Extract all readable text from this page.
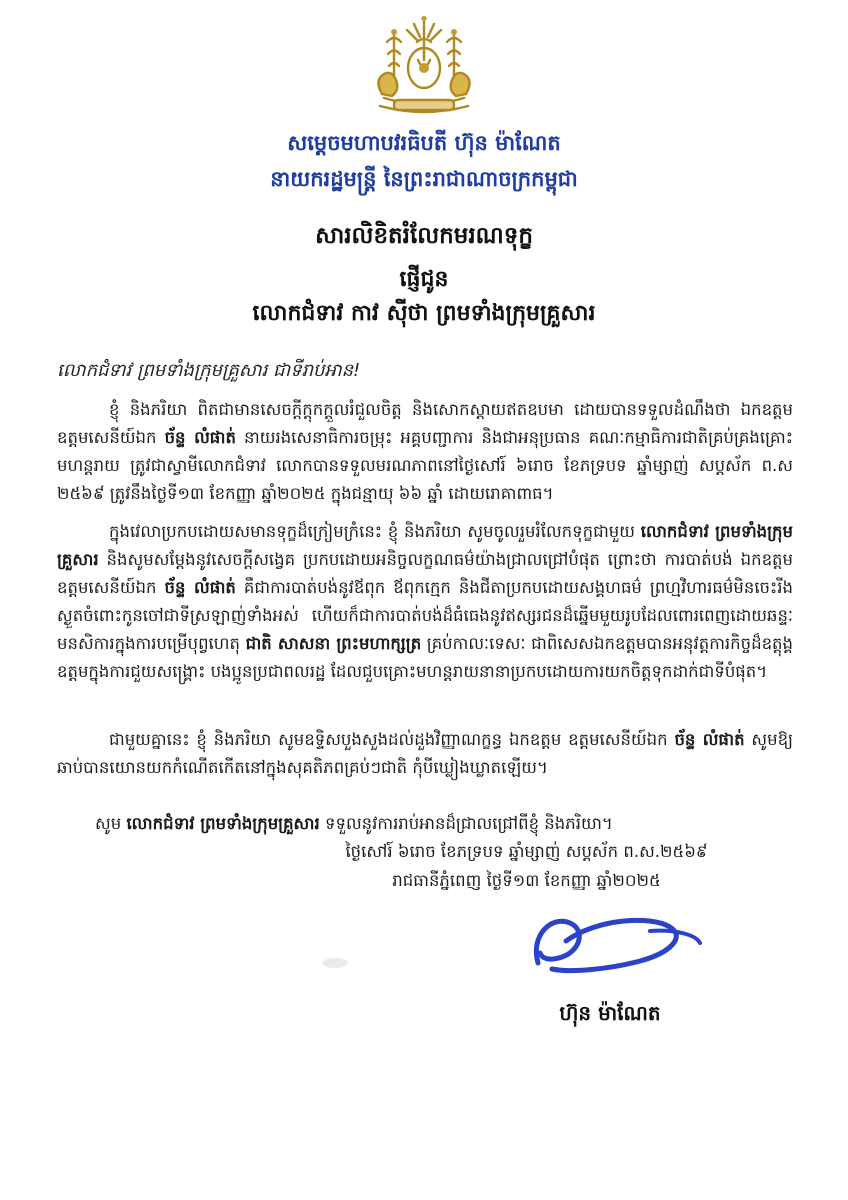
សម្តេចមហាបវរធិបតី ហ៊ុន ម៉ាណែត
នាយករដ្ឋមន្ត្រី នៃព្រះរាជាណាចក្រកម្ពុជា
សារលិខិតរំលែកមរណទុក្ខ
ផ្ញើជូន
លោកជំទាវ កាវ ស៊ីថា ព្រមទាំងក្រុមគ្រួសារ
លោកជំទាវ ព្រមទាំងក្រុមគ្រួសារ ជាទីរាប់អាន!
ខ្ញុំ និងភរិយា ពិតជាមានសេចក្តីក្តុកក្តួលរំជួលចិត្ត និងសោកស្តាយឥតឧបមា ដោយបានទទួលដំណឹងថា ឯកឧត្តម ឧត្តមសេនីយ៍ឯក ច័ន្ទ លំផាត់ នាយរងសេនាធិការចម្រុះ អគ្គបញ្ជាការ និងជាអនុប្រធាន គណៈកម្មាធិការជាតិគ្រប់គ្រងគ្រោះមហន្តរាយ ត្រូវជាស្វាមីលោកជំទាវ លោកបានទទួលមរណភាពនៅថ្ងៃសៅរ៍ ៦រោច ខែភទ្របទ ឆ្នាំម្សាញ់ សប្តស័ក ព.ស ២៥៦៩ ត្រូវនឹងថ្ងៃទី១៣ ខែកញ្ញា ឆ្នាំ២០២៥ ក្នុងជន្មាយុ ៦៦ ឆ្នាំ ដោយរោគាពាធ។
ក្នុងវេលាប្រកបដោយសមានទុក្ខដ៏ក្រៀមក្រំនេះ ខ្ញុំ និងភរិយា សូមចូលរួមរំលែកទុក្ខជាមួយ លោកជំទាវ ព្រមទាំងក្រុមគ្រួសារ និងសូមសម្តែងនូវសេចក្តីសង្វេគ ប្រកបដោយអនិច្ចលក្ខណធម៌យ៉ាងជ្រាលជ្រៅបំផុត ព្រោះថា ការបាត់បង់ ឯកឧត្តម ឧត្តមសេនីយ៍ឯក ច័ន្ទ លំផាត់ គឺជាការបាត់បង់នូវឪពុក ឪពុកក្មេក និងជីតាប្រកបដោយសង្គហធម៌ ព្រហ្មវិហារធម៌មិនចេះរីងស្ងួតចំពោះកូនចៅជាទីស្រឡាញ់ទាំងអស់ ហើយក៏ជាការបាត់បង់ដ៏ធំធេងនូវឥស្សរជនដ៏ឆ្នើមមួយរូបដែលពោរពេញដោយឆន្ទៈមនសិការក្នុងការបម្រើបុព្វហេតុ ជាតិ សាសនា ព្រះមហាក្សត្រ គ្រប់កាលៈទេសៈ ជាពិសេសឯកឧត្តមបានអនុវត្តការកិច្ចដ៏ឧត្តុង្គឧត្តមក្នុងការជួយសង្គ្រោះ បងប្អូនប្រជាពលរដ្ឋ ដែលជួបគ្រោះមហន្តរាយនានាប្រកបដោយការយកចិត្តទុកដាក់ជាទីបំផុត។
ជាមួយគ្នានេះ ខ្ញុំ និងភរិយា សូមឧទ្ទិសបួងសួងដល់ដួងវិញ្ញាណក្ខន្ធ ឯកឧត្តម ឧត្តមសេនីយ៍ឯក ច័ន្ទ លំផាត់ សូមឱ្យឆាប់បានយោនយកកំណើតកើតនៅក្នុងសុគតិភពគ្រប់ៗជាតិ កុំបីឃ្លៀងឃ្លាតឡើយ។
សូម លោកជំទាវ ព្រមទាំងក្រុមគ្រួសារ ទទួលនូវការរាប់អានដ៏ជ្រាលជ្រៅពីខ្ញុំ និងភរិយា។
ថ្ងៃសៅរ៍ ៦រោច ខែភទ្របទ ឆ្នាំម្សាញ់ សប្តស័ក ព.ស.២៥៦៩
រាជធានីភ្នំពេញ ថ្ងៃទី១៣ ខែកញ្ញា ឆ្នាំ២០២៥
ហ៊ុន ម៉ាណែត
